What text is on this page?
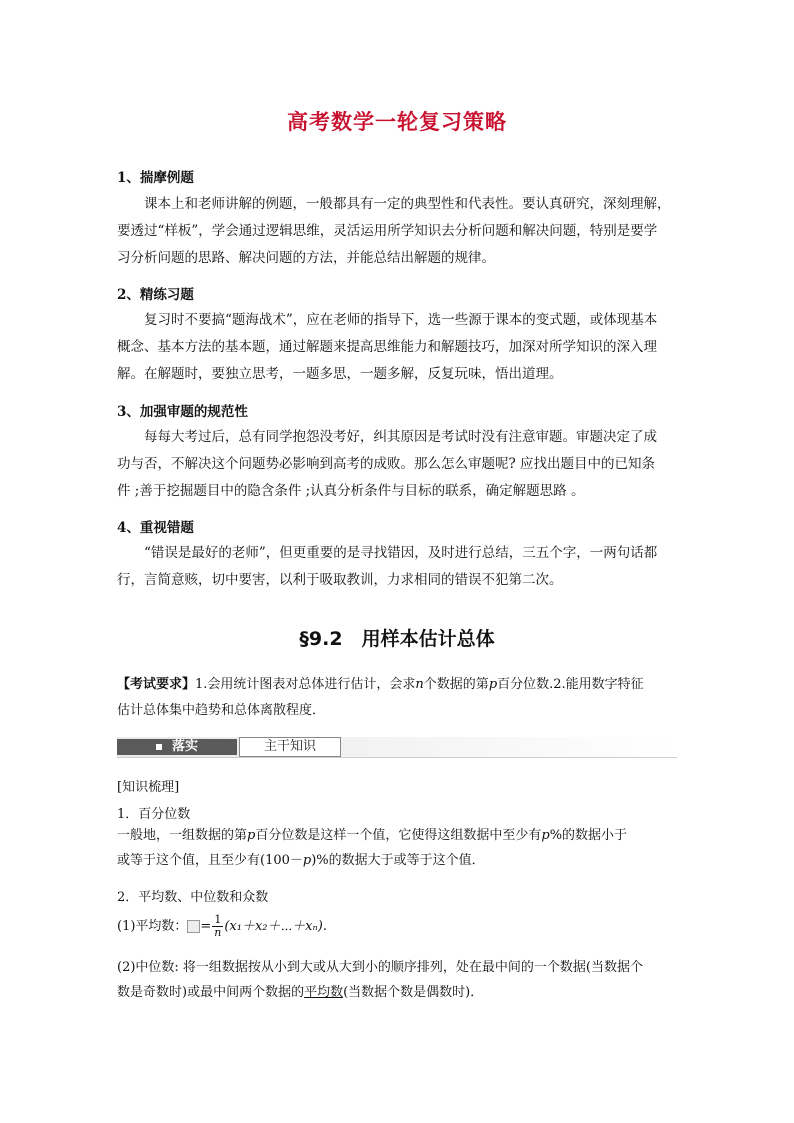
高考数学一轮复习策略
1、揣摩例题
课本上和老师讲解的例题，一般都具有一定的典型性和代表性。要认真研究，深刻理解，
要透过“样板”，学会通过逻辑思维，灵活运用所学知识去分析问题和解决问题，特别是要学
习分析问题的思路、解决问题的方法，并能总结出解题的规律。
2、精练习题
复习时不要搞“题海战术”，应在老师的指导下，选一些源于课本的变式题，或体现基本
概念、基本方法的基本题，通过解题来提高思维能力和解题技巧，加深对所学知识的深入理
解。在解题时，要独立思考，一题多思，一题多解，反复玩味，悟出道理。
3、加强审题的规范性
每每大考过后，总有同学抱怨没考好，纠其原因是考试时没有注意审题。审题决定了成
功与否，不解决这个问题势必影响到高考的成败。那么怎么审题呢? 应找出题目中的已知条
件 ;善于挖掘题目中的隐含条件 ;认真分析条件与目标的联系，确定解题思路 。
4、重视错题
“错误是最好的老师”，但更重要的是寻找错因，及时进行总结，三五个字，一两句话都
行，言简意赅，切中要害，以利于吸取教训，力求相同的错误不犯第二次。
§9.2　用样本估计总体
【考试要求】1.会用统计图表对总体进行估计，会求n个数据的第p百分位数.2.能用数字特征
估计总体集中趋势和总体离散程度．
落实	主干知识
[知识梳理]
1．百分位数
一般地，一组数据的第p百分位数是这样一个值，它使得这组数据中至少有p%的数据小于
或等于这个值，且至少有(100－p)%的数据大于或等于这个值．
2．平均数、中位数和众数
(1)平均数： = $\frac{1}{n}$ (x₁＋x₂＋⋯＋xₙ).
(2)中位数: 将一组数据按从小到大或从大到小的顺序排列，处在最中间的一个数据(当数据个
数是奇数时)或最中间两个数据的平均数(当数据个数是偶数时)．
